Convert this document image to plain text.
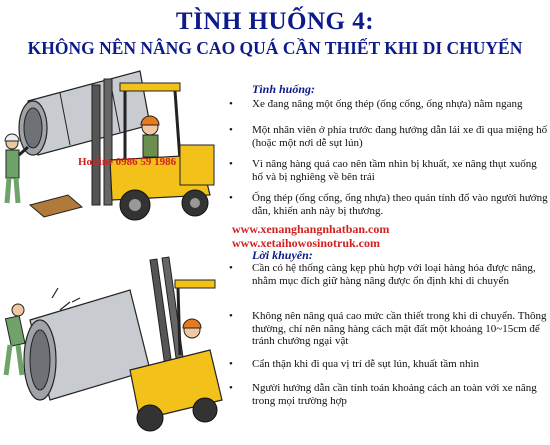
TÌNH HUỐNG 4:
KHÔNG NÊN NÂNG CAO QUÁ CẦN THIẾT KHI DI CHUYỂN
Hotline 0986 59 1986
www.xenanghangnhatban.com
www.xetaihowosinotruk.com
Tình huống:
• Xe đang nâng một ống thép (ống cống, ống nhựa) nằm ngang
• Một nhân viên ở phía trước đang hướng dẫn lái xe đi qua miệng hố (hoặc một nơi dễ sụt lún)
• Vì nâng hàng quá cao nên tầm nhìn bị khuất, xe nâng thụt xuống hố và bị nghiêng về bên trái
• Ống thép (ống cống, ống nhựa) theo quán tính đổ vào người hướng dẫn, khiến anh này bị thương.
Lời khuyên:
• Cần có hệ thống càng kẹp phù hợp với loại hàng hóa được nâng, nhằm mục đích giữ hàng nâng được ổn định khi di chuyển
• Không nên nâng quá cao mức cần thiết trong khi di chuyển. Thông thường, chỉ nên nâng hàng cách mặt đất một khoảng 10~15cm để tránh chướng ngại vật
• Cẩn thận khi đi qua vị trí dễ sụt lún, khuất tầm nhìn
• Người hướng dẫn cần tính toán khoảng cách an toàn với xe nâng trong mọi trường hợp
